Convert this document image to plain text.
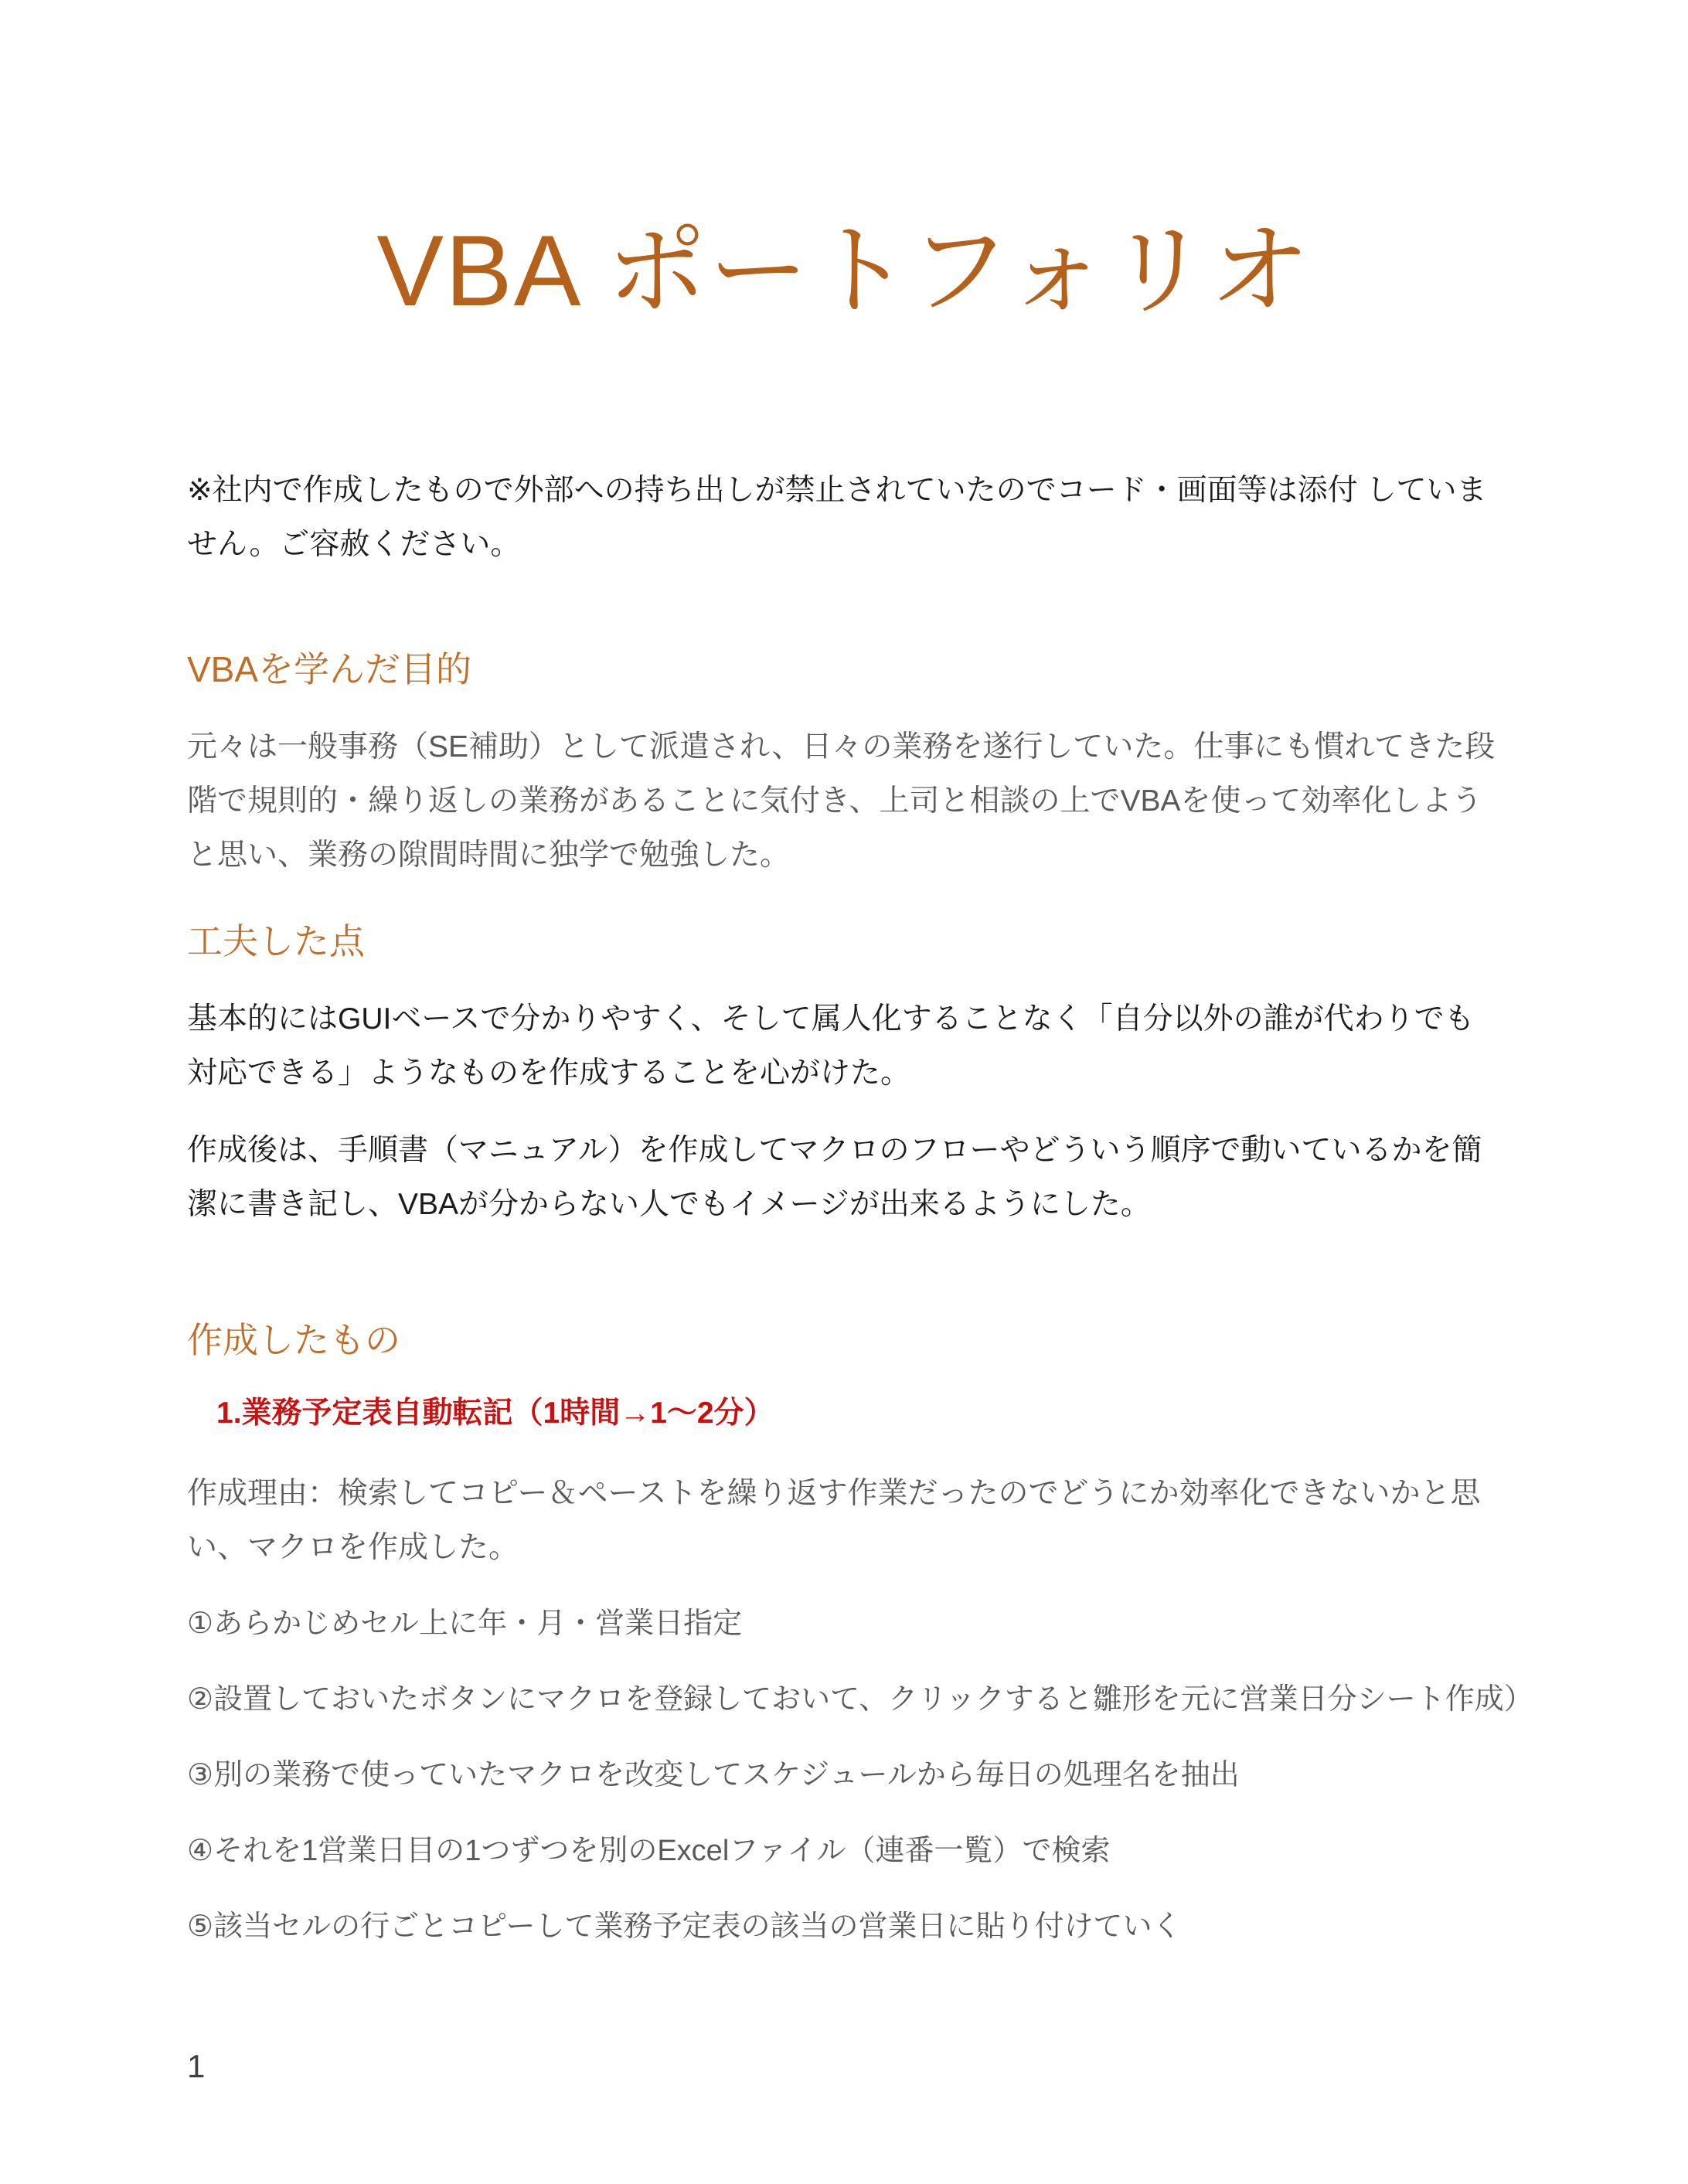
VBA ポートフォリオ

※社内で作成したもので外部への持ち出しが禁止されていたのでコード・画面等は添付 していません。ご容赦ください。

VBAを学んだ目的

元々は一般事務（SE補助）として派遣され、日々の業務を遂行していた。仕事にも慣れてきた段階で規則的・繰り返しの業務があることに気付き、上司と相談の上でVBAを使って効率化しようと思い、業務の隙間時間に独学で勉強した。

工夫した点

基本的にはGUIベースで分かりやすく、そして属人化することなく「自分以外の誰が代わりでも対応できる」ようなものを作成することを心がけた。

作成後は、手順書（マニュアル）を作成してマクロのフローやどういう順序で動いているかを簡潔に書き記し、VBAが分からない人でもイメージが出来るようにした。

作成したもの

1.業務予定表自動転記（1時間→1～2分）

作成理由：検索してコピー＆ペーストを繰り返す作業だったのでどうにか効率化できないかと思い、マクロを作成した。

①あらかじめセル上に年・月・営業日指定

②設置しておいたボタンにマクロを登録しておいて、クリックすると雛形を元に営業日分シート作成）

③別の業務で使っていたマクロを改変してスケジュールから毎日の処理名を抽出

④それを1営業日目の1つずつを別のExcelファイル（連番一覧）で検索

⑤該当セルの行ごとコピーして業務予定表の該当の営業日に貼り付けていく

1
